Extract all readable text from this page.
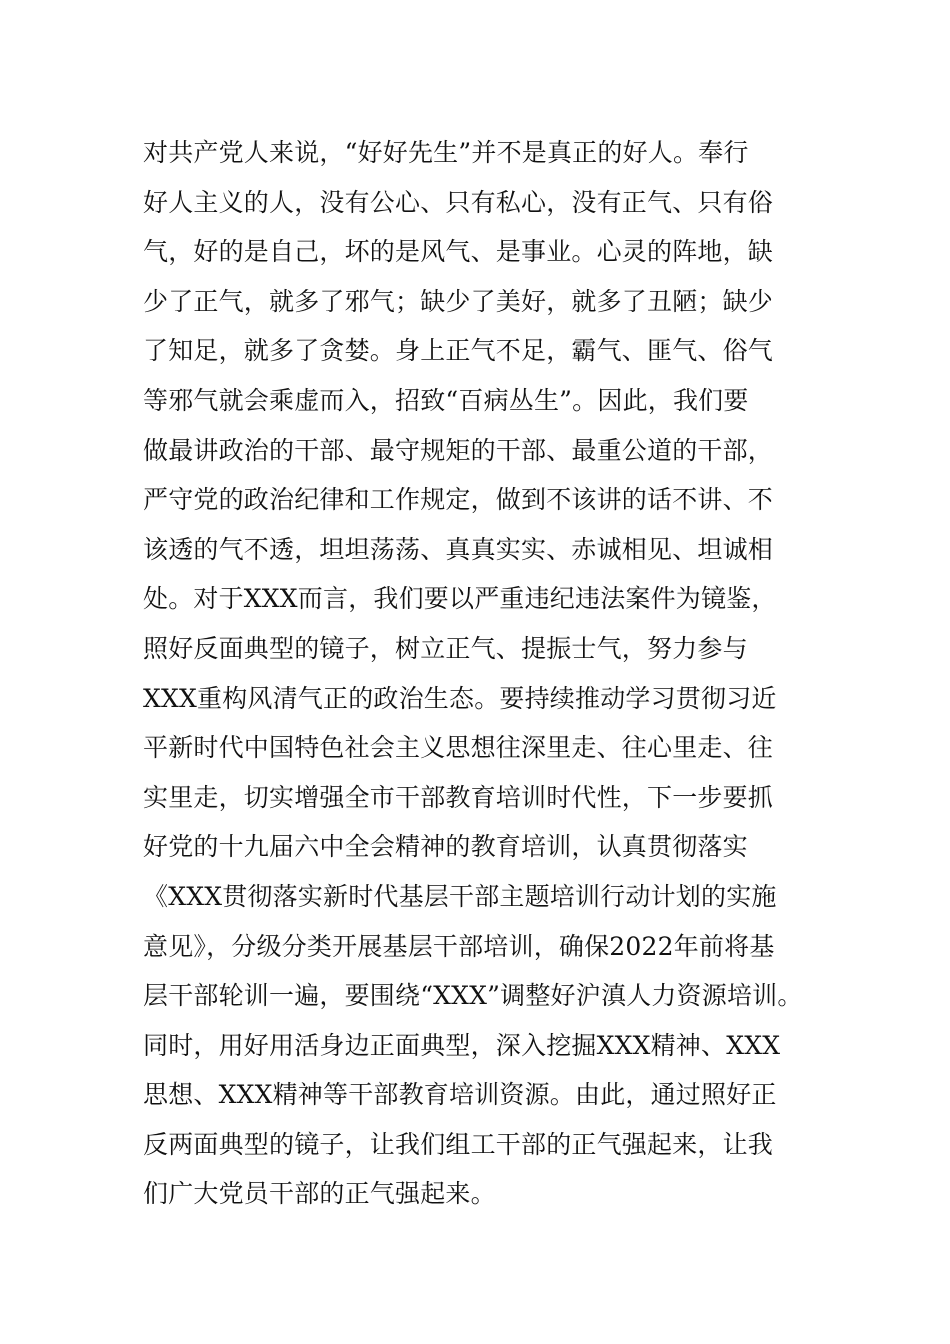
对共产党人来说，“好好先生”并不是真正的好人。奉行
好人主义的人，没有公心、只有私心，没有正气、只有俗
气，好的是自己，坏的是风气、是事业。心灵的阵地，缺
少了正气，就多了邪气；缺少了美好，就多了丑陋；缺少
了知足，就多了贪婪。身上正气不足，霸气、匪气、俗气
等邪气就会乘虚而入，招致“百病丛生”。因此，我们要
做最讲政治的干部、最守规矩的干部、最重公道的干部，
严守党的政治纪律和工作规定，做到不该讲的话不讲、不
该透的气不透，坦坦荡荡、真真实实、赤诚相见、坦诚相
处。对于XXX而言，我们要以严重违纪违法案件为镜鉴，
照好反面典型的镜子，树立正气、提振士气，努力参与
XXX重构风清气正的政治生态。要持续推动学习贯彻习近
平新时代中国特色社会主义思想往深里走、往心里走、往
实里走，切实增强全市干部教育培训时代性，下一步要抓
好党的十九届六中全会精神的教育培训，认真贯彻落实
《XXX贯彻落实新时代基层干部主题培训行动计划的实施
意见》，分级分类开展基层干部培训，确保2022年前将基
层干部轮训一遍，要围绕“XXX”调整好沪滇人力资源培训。
同时，用好用活身边正面典型，深入挖掘XXX精神、XXX
思想、XXX精神等干部教育培训资源。由此，通过照好正
反两面典型的镜子，让我们组工干部的正气强起来，让我
们广大党员干部的正气强起来。
